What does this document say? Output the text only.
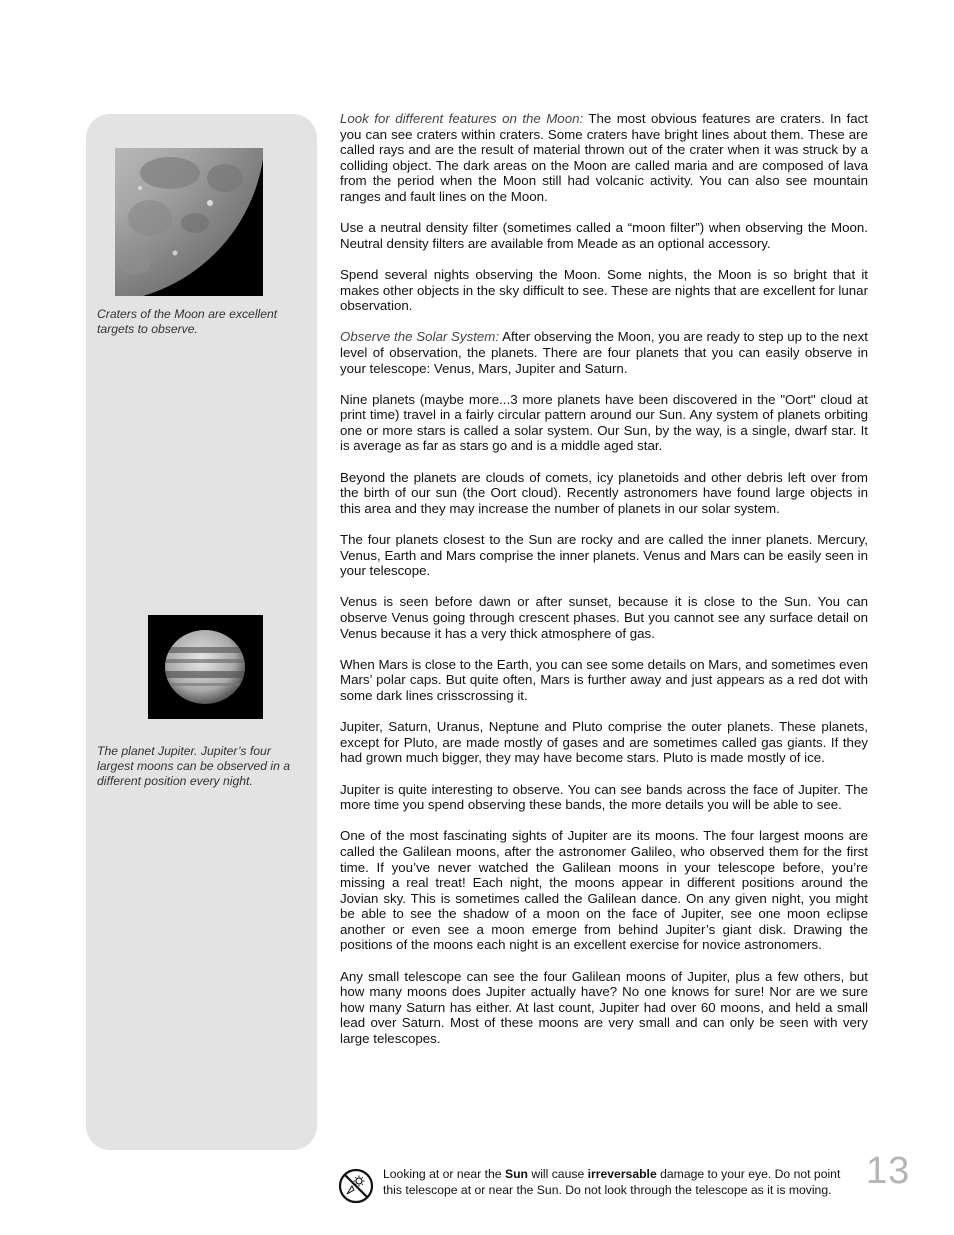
Craters of the Moon are excellent targets to observe.
The planet Jupiter. Jupiter’s four largest moons can be observed in a different position every night.

Look for different features on the Moon: The most obvious features are craters. In fact you can see craters within craters. Some craters have bright lines about them. These are called rays and are the result of material thrown out of the crater when it was struck by a colliding object. The dark areas on the Moon are called maria and are composed of lava from the period when the Moon still had volcanic activity. You can also see mountain ranges and fault lines on the Moon.

Use a neutral density filter (sometimes called a “moon filter”) when observing the Moon. Neutral density filters are available from Meade as an optional accessory.

Spend several nights observing the Moon. Some nights, the Moon is so bright that it makes other objects in the sky difficult to see. These are nights that are excellent for lunar observation.

Observe the Solar System: After observing the Moon, you are ready to step up to the next level of observation, the planets. There are four planets that you can easily observe in your telescope: Venus, Mars, Jupiter and Saturn.

Nine planets (maybe more...3 more planets have been discovered in the "Oort" cloud at print time) travel in a fairly circular pattern around our Sun. Any system of planets orbiting one or more stars is called a solar system. Our Sun, by the way, is a single, dwarf star. It is average as far as stars go and is a middle aged star.

Beyond the planets are clouds of comets, icy planetoids and other debris left over from the birth of our sun (the Oort cloud). Recently astronomers have found large objects in this area and they may increase the number of planets in our solar system.

The four planets closest to the Sun are rocky and are called the inner planets. Mercury, Venus, Earth and Mars comprise the inner planets. Venus and Mars can be easily seen in your telescope.

Venus is seen before dawn or after sunset, because it is close to the Sun. You can observe Venus going through crescent phases. But you cannot see any surface detail on Venus because it has a very thick atmosphere of gas.

When Mars is close to the Earth, you can see some details on Mars, and sometimes even Mars’ polar caps. But quite often, Mars is further away and just appears as a red dot with some dark lines crisscrossing it.

Jupiter, Saturn, Uranus, Neptune and Pluto comprise the outer planets. These planets, except for Pluto, are made mostly of gases and are sometimes called gas giants. If they had grown much bigger, they may have become stars. Pluto is made mostly of ice.

Jupiter is quite interesting to observe. You can see bands across the face of Jupiter. The more time you spend observing these bands, the more details you will be able to see.

One of the most fascinating sights of Jupiter are its moons. The four largest moons are called the Galilean moons, after the astronomer Galileo, who observed them for the first time. If you’ve never watched the Galilean moons in your telescope before, you’re missing a real treat! Each night, the moons appear in different positions around the Jovian sky. This is sometimes called the Galilean dance. On any given night, you might be able to see the shadow of a moon on the face of Jupiter, see one moon eclipse another or even see a moon emerge from behind Jupiter’s giant disk. Drawing the positions of the moons each night is an excellent exercise for novice astronomers.

Any small telescope can see the four Galilean moons of Jupiter, plus a few others, but how many moons does Jupiter actually have? No one knows for sure! Nor are we sure how many Saturn has either. At last count, Jupiter had over 60 moons, and held a small lead over Saturn. Most of these moons are very small and can only be seen with very large telescopes.

Looking at or near the Sun will cause irreversable damage to your eye. Do not point this telescope at or near the Sun. Do not look through the telescope as it is moving. 13
